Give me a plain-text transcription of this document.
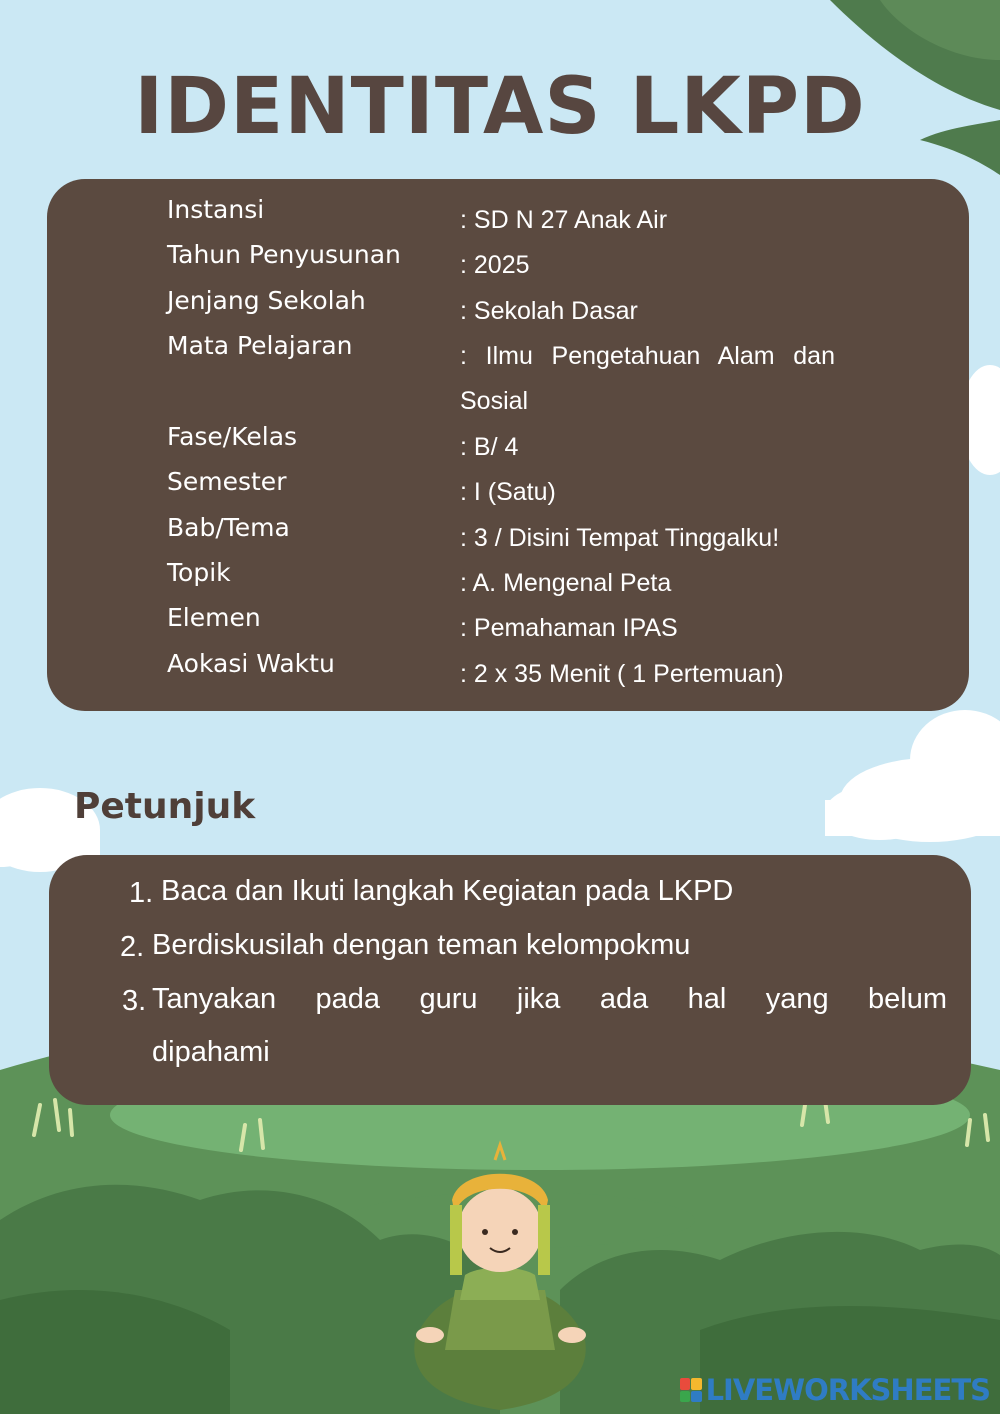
IDENTITAS LKPD
Instansi	: SD N 27 Anak Air
Tahun Penyusunan : 2025
Jenjang Sekolah	: Sekolah Dasar
Mata Pelajaran	: Ilmu Pengetahuan Alam dan Sosial
Fase/Kelas	: B/ 4
Semester	: I (Satu)
Bab/Tema	: 3 / Disini Tempat Tinggalku!
Topik	: A. Mengenal Peta
Elemen	: Pemahaman IPAS
Aokasi Waktu	: 2 x 35 Menit ( 1 Pertemuan)
Petunjuk
1. Baca dan Ikuti langkah Kegiatan pada LKPD
2. Berdiskusilah dengan teman kelompokmu
3. Tanyakan pada guru jika ada hal yang belum dipahami
LIVEWORKSHEETS
